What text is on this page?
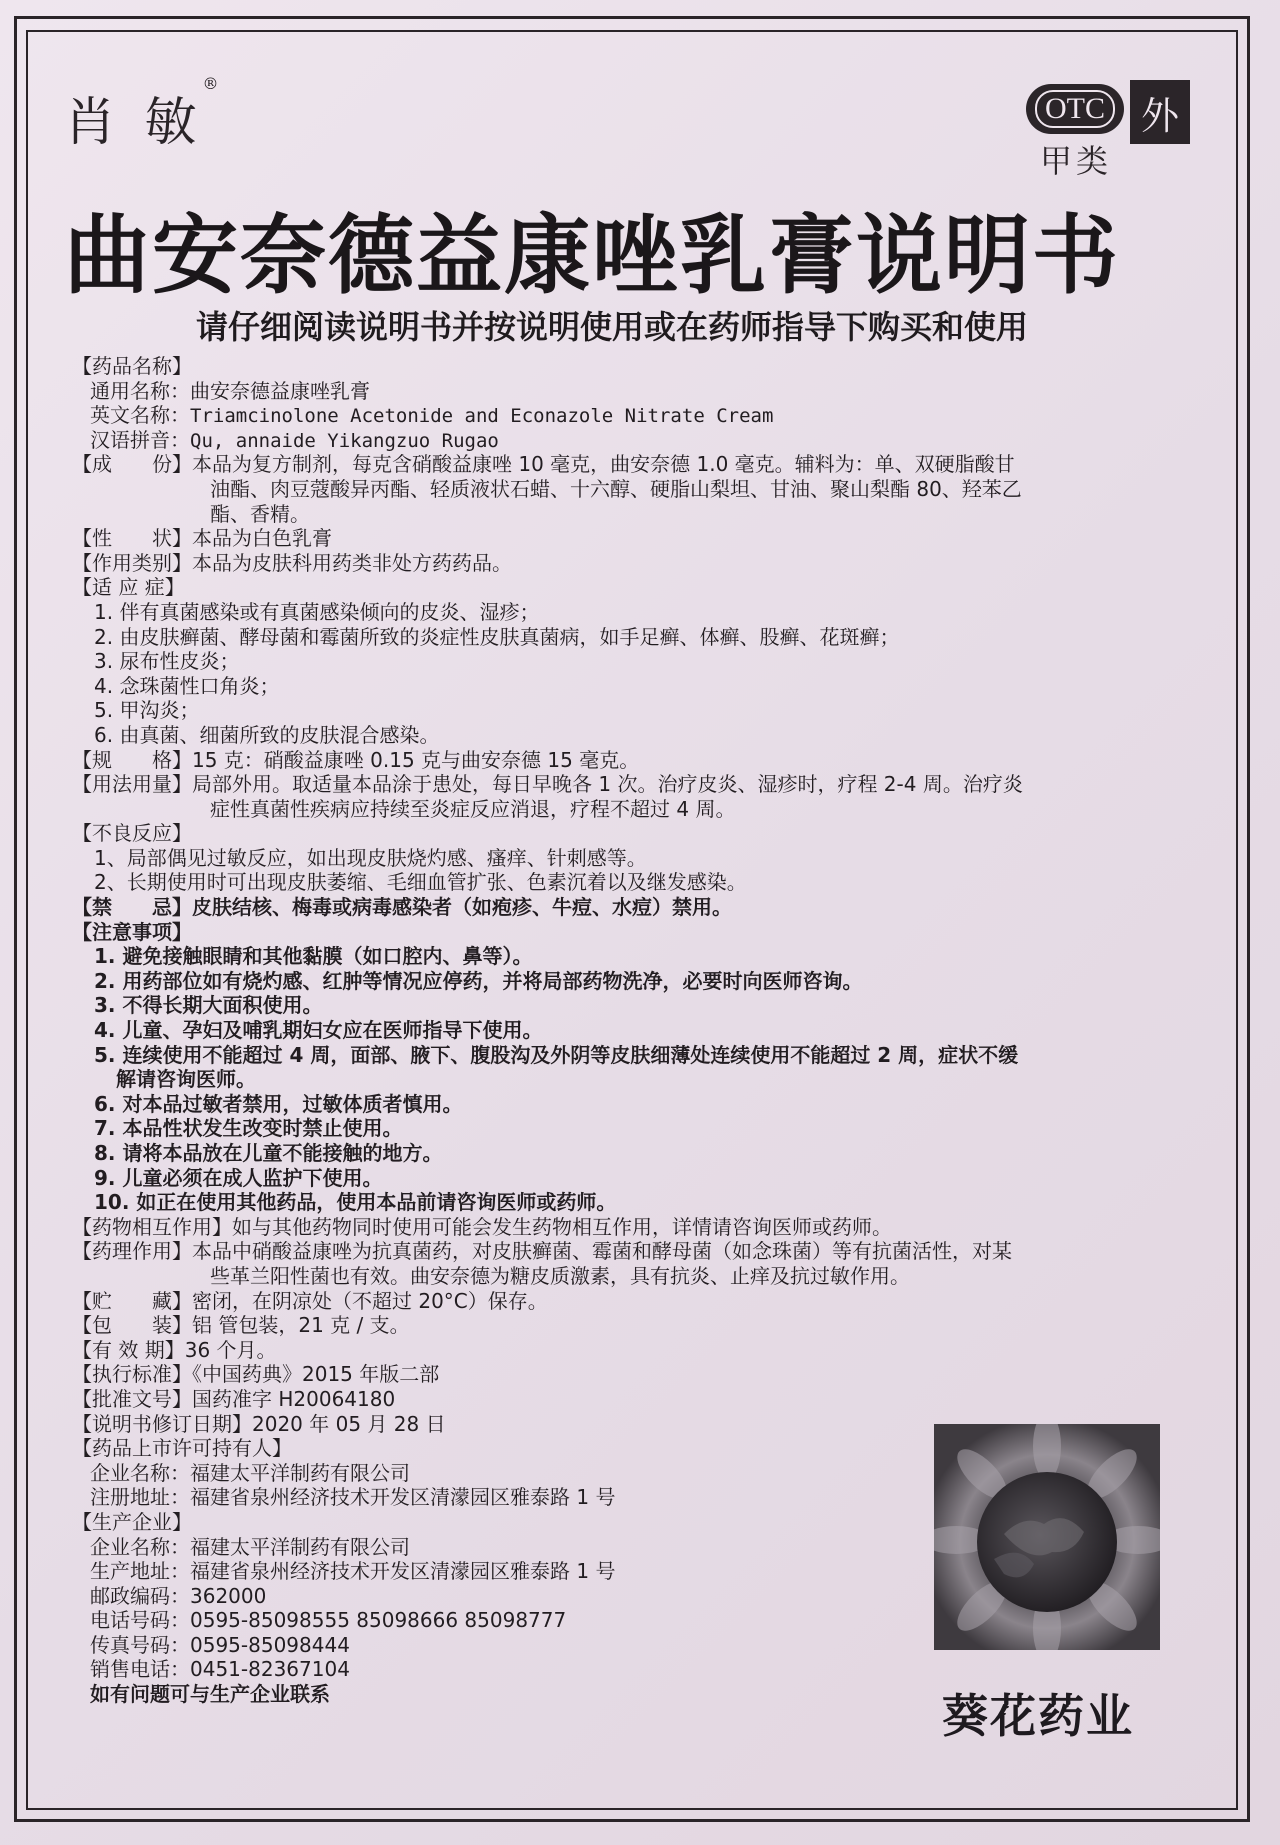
肖 敏®
OTC 外
甲类
曲安奈德益康唑乳膏说明书
请仔细阅读说明书并按说明使用或在药师指导下购买和使用
【药品名称】
通用名称：曲安奈德益康唑乳膏
英文名称：Triamcinolone Acetonide and Econazole Nitrate Cream
汉语拼音：Qu, annaide Yikangzuo Rugao
【成　　份】本品为复方制剂，每克含硝酸益康唑 10 毫克，曲安奈德 1.0 毫克。辅料为：单、双硬脂酸甘
油酯、肉豆蔻酸异丙酯、轻质液状石蜡、十六醇、硬脂山梨坦、甘油、聚山梨酯 80、羟苯乙
酯、香精。
【性　　状】本品为白色乳膏
【作用类别】本品为皮肤科用药类非处方药药品。
【适 应 症】
1. 伴有真菌感染或有真菌感染倾向的皮炎、湿疹；
2. 由皮肤癣菌、酵母菌和霉菌所致的炎症性皮肤真菌病，如手足癣、体癣、股癣、花斑癣；
3. 尿布性皮炎；
4. 念珠菌性口角炎；
5. 甲沟炎；
6. 由真菌、细菌所致的皮肤混合感染。
【规　　格】15 克：硝酸益康唑 0.15 克与曲安奈德 15 毫克。
【用法用量】局部外用。取适量本品涂于患处，每日早晚各 1 次。治疗皮炎、湿疹时，疗程 2-4 周。治疗炎
症性真菌性疾病应持续至炎症反应消退，疗程不超过 4 周。
【不良反应】
1、局部偶见过敏反应，如出现皮肤烧灼感、瘙痒、针刺感等。
2、长期使用时可出现皮肤萎缩、毛细血管扩张、色素沉着以及继发感染。
【禁　　忌】皮肤结核、梅毒或病毒感染者（如疱疹、牛痘、水痘）禁用。
【注意事项】
1. 避免接触眼睛和其他黏膜（如口腔内、鼻等）。
2. 用药部位如有烧灼感、红肿等情况应停药，并将局部药物洗净，必要时向医师咨询。
3. 不得长期大面积使用。
4. 儿童、孕妇及哺乳期妇女应在医师指导下使用。
5. 连续使用不能超过 4 周，面部、腋下、腹股沟及外阴等皮肤细薄处连续使用不能超过 2 周，症状不缓
解请咨询医师。
6. 对本品过敏者禁用，过敏体质者慎用。
7. 本品性状发生改变时禁止使用。
8. 请将本品放在儿童不能接触的地方。
9. 儿童必须在成人监护下使用。
10. 如正在使用其他药品，使用本品前请咨询医师或药师。
【药物相互作用】如与其他药物同时使用可能会发生药物相互作用，详情请咨询医师或药师。
【药理作用】本品中硝酸益康唑为抗真菌药，对皮肤癣菌、霉菌和酵母菌（如念珠菌）等有抗菌活性，对某
些革兰阳性菌也有效。曲安奈德为糖皮质激素，具有抗炎、止痒及抗过敏作用。
【贮　　藏】密闭，在阴凉处（不超过 20°C）保存。
【包　　装】铝 管包装，21 克 / 支。
【有 效 期】36 个月。
【执行标准】《中国药典》2015 年版二部
【批准文号】国药准字 H20064180
【说明书修订日期】2020 年 05 月 28 日
【药品上市许可持有人】
企业名称：福建太平洋制药有限公司
注册地址：福建省泉州经济技术开发区清濛园区雅泰路 1 号
【生产企业】
企业名称：福建太平洋制药有限公司
生产地址：福建省泉州经济技术开发区清濛园区雅泰路 1 号
邮政编码：362000
电话号码：0595-85098555 85098666 85098777
传真号码：0595-85098444
销售电话：0451-82367104
如有问题可与生产企业联系	葵花药业
